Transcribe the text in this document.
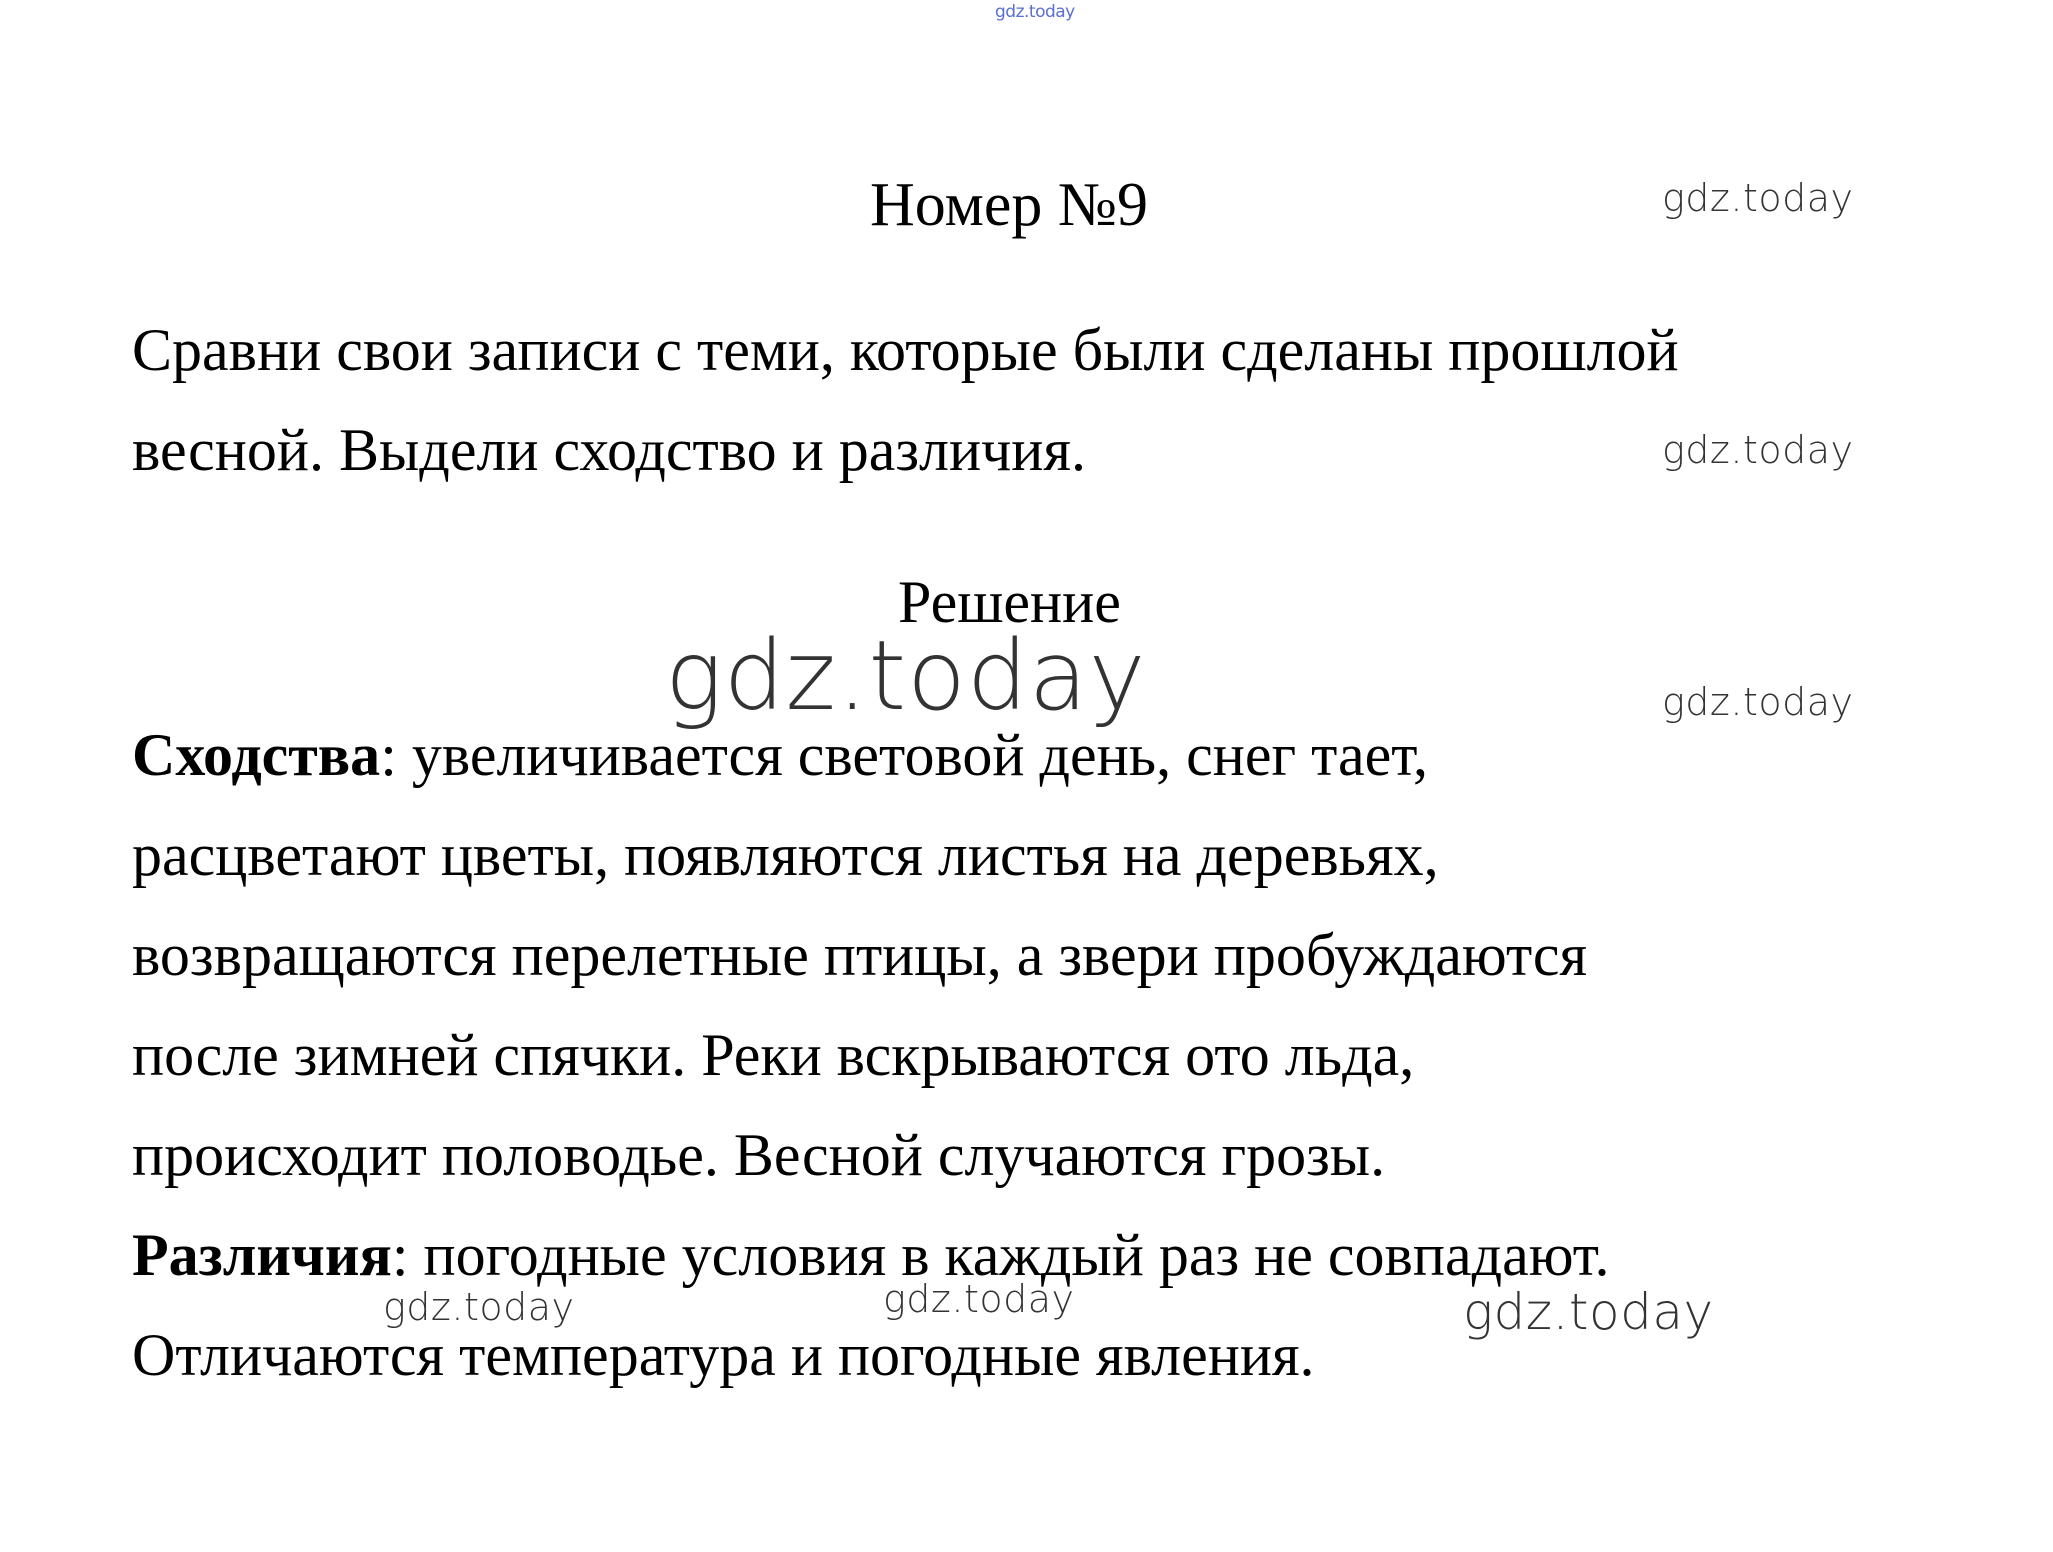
gdz.today
Номер №9	gdz.today
Сравни свои записи с теми, которые были сделаны прошлой
весной. Выдели сходство и различия.	gdz.today
Решение
gdz.today	gdz.today
Сходства: увеличивается световой день, снег тает,
расцветают цветы, появляются листья на деревьях,
возвращаются перелетные птицы, а звери пробуждаются
после зимней спячки. Реки вскрываются ото льда,
происходит половодье. Весной случаются грозы.
Различия: погодные условия в каждый раз не совпадают.
Отличаются температура и погодные явления.
gdz.today	gdz.today	gdz.today
